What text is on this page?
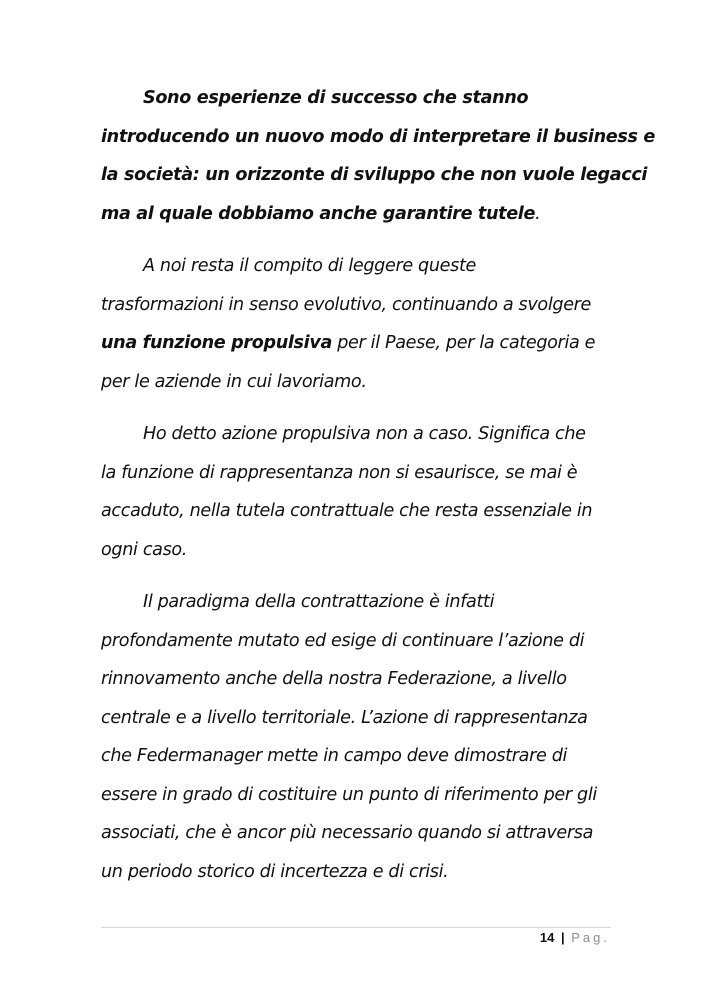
Sono esperienze di successo che stanno
introducendo un nuovo modo di interpretare il business e
la società: un orizzonte di sviluppo che non vuole legacci
ma al quale dobbiamo anche garantire tutele.

A noi resta il compito di leggere queste
trasformazioni in senso evolutivo, continuando a svolgere
una funzione propulsiva per il Paese, per la categoria e
per le aziende in cui lavoriamo.

Ho detto azione propulsiva non a caso. Significa che
la funzione di rappresentanza non si esaurisce, se mai è
accaduto, nella tutela contrattuale che resta essenziale in
ogni caso.

Il paradigma della contrattazione è infatti
profondamente mutato ed esige di continuare l’azione di
rinnovamento anche della nostra Federazione, a livello
centrale e a livello territoriale. L’azione di rappresentanza
che Federmanager mette in campo deve dimostrare di
essere in grado di costituire un punto di riferimento per gli
associati, che è ancor più necessario quando si attraversa
un periodo storico di incertezza e di crisi.

14 | Pag.
